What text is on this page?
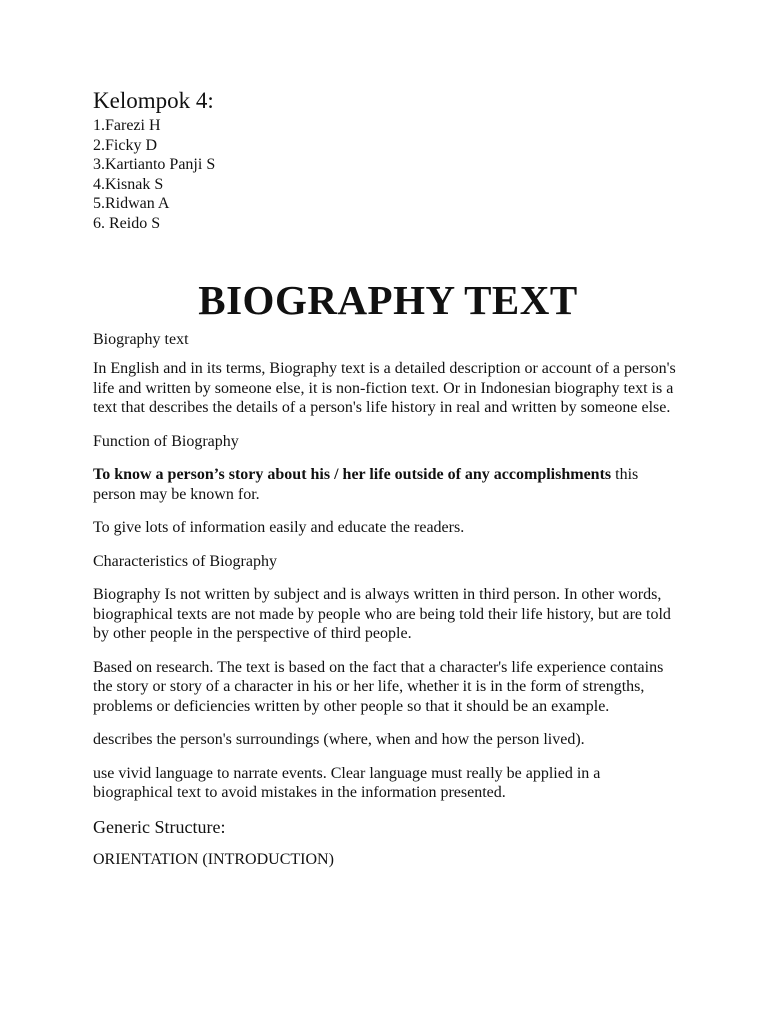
Kelompok 4:

1.Farezi H
2.Ficky D
3.Kartianto Panji S
4.Kisnak S
5.Ridwan A
6. Reido S
BIOGRAPHY TEXT

Biography text

In English and in its terms, Biography text is a detailed description or account of a person's life and written by someone else, it is non-fiction text. Or in Indonesian biography text is a text that describes the details of a person's life history in real and written by someone else.

Function of Biography

To know a person’s story about his / her life outside of any accomplishments this person may be known for.

To give lots of information easily and educate the readers.

Characteristics of Biography

Biography Is not written by subject and is always written in third person. In other words, biographical texts are not made by people who are being told their life history, but are told by other people in the perspective of third people.

Based on research. The text is based on the fact that a character's life experience contains the story or story of a character in his or her life, whether it is in the form of strengths, problems or deficiencies written by other people so that it should be an example.

describes the person's surroundings (where, when and how the person lived).

use vivid language to narrate events. Clear language must really be applied in a biographical text to avoid mistakes in the information presented.

Generic Structure:

ORIENTATION (INTRODUCTION)
